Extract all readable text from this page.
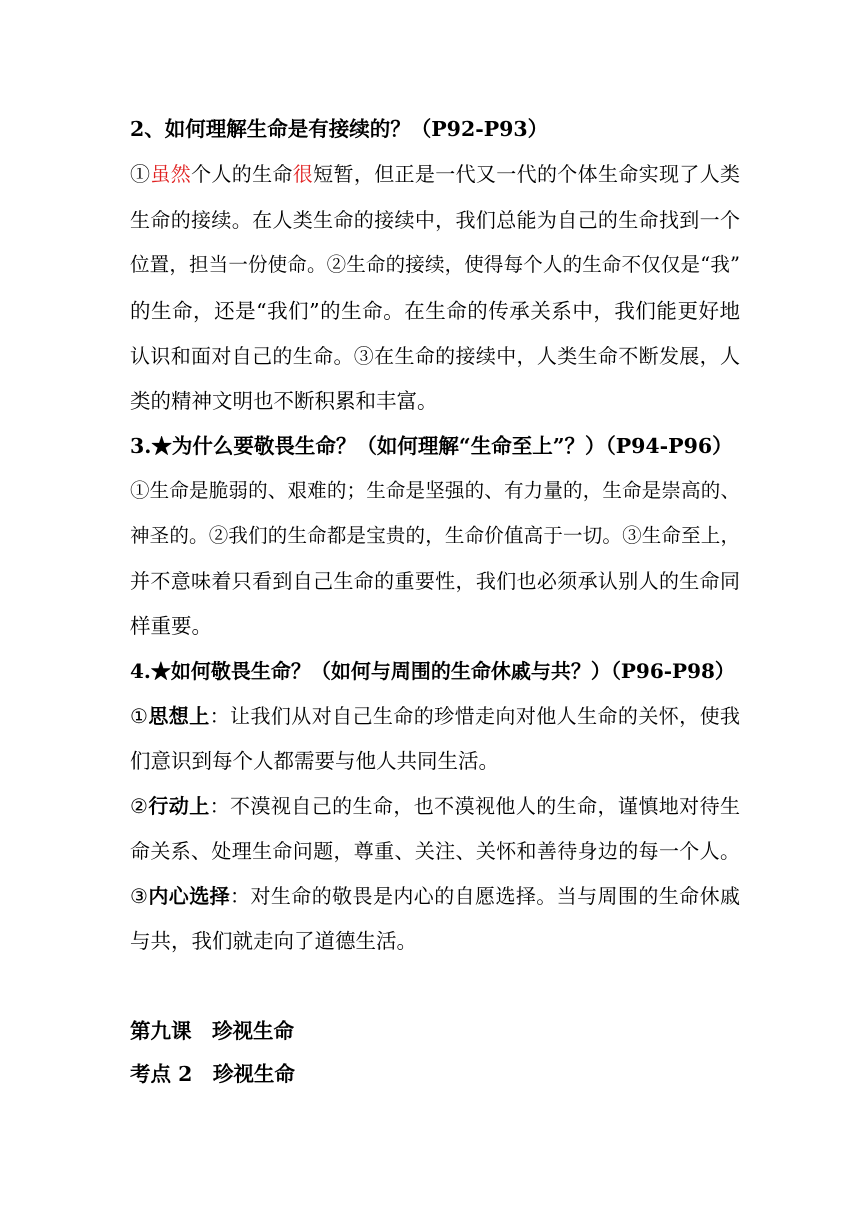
2、如何理解生命是有接续的？（P92-P93）
①虽然个人的生命很短暂，但正是一代又一代的个体生命实现了人类
生命的接续。在人类生命的接续中，我们总能为自己的生命找到一个
位置，担当一份使命。②生命的接续，使得每个人的生命不仅仅是“我”
的生命，还是“我们”的生命。在生命的传承关系中，我们能更好地
认识和面对自己的生命。③在生命的接续中，人类生命不断发展，人
类的精神文明也不断积累和丰富。
3.★为什么要敬畏生命？（如何理解“生命至上”？）（P94-P96）
①生命是脆弱的、艰难的；生命是坚强的、有力量的，生命是崇高的、
神圣的。②我们的生命都是宝贵的，生命价值高于一切。③生命至上，
并不意味着只看到自己生命的重要性，我们也必须承认别人的生命同
样重要。
4.★如何敬畏生命？（如何与周围的生命休戚与共？）（P96-P98）
①思想上：让我们从对自己生命的珍惜走向对他人生命的关怀，使我
们意识到每个人都需要与他人共同生活。
②行动上：不漠视自己的生命，也不漠视他人的生命，谨慎地对待生
命关系、处理生命问题，尊重、关注、关怀和善待身边的每一个人。
③内心选择：对生命的敬畏是内心的自愿选择。当与周围的生命休戚
与共，我们就走向了道德生活。
第九课　珍视生命
考点 2　珍视生命
